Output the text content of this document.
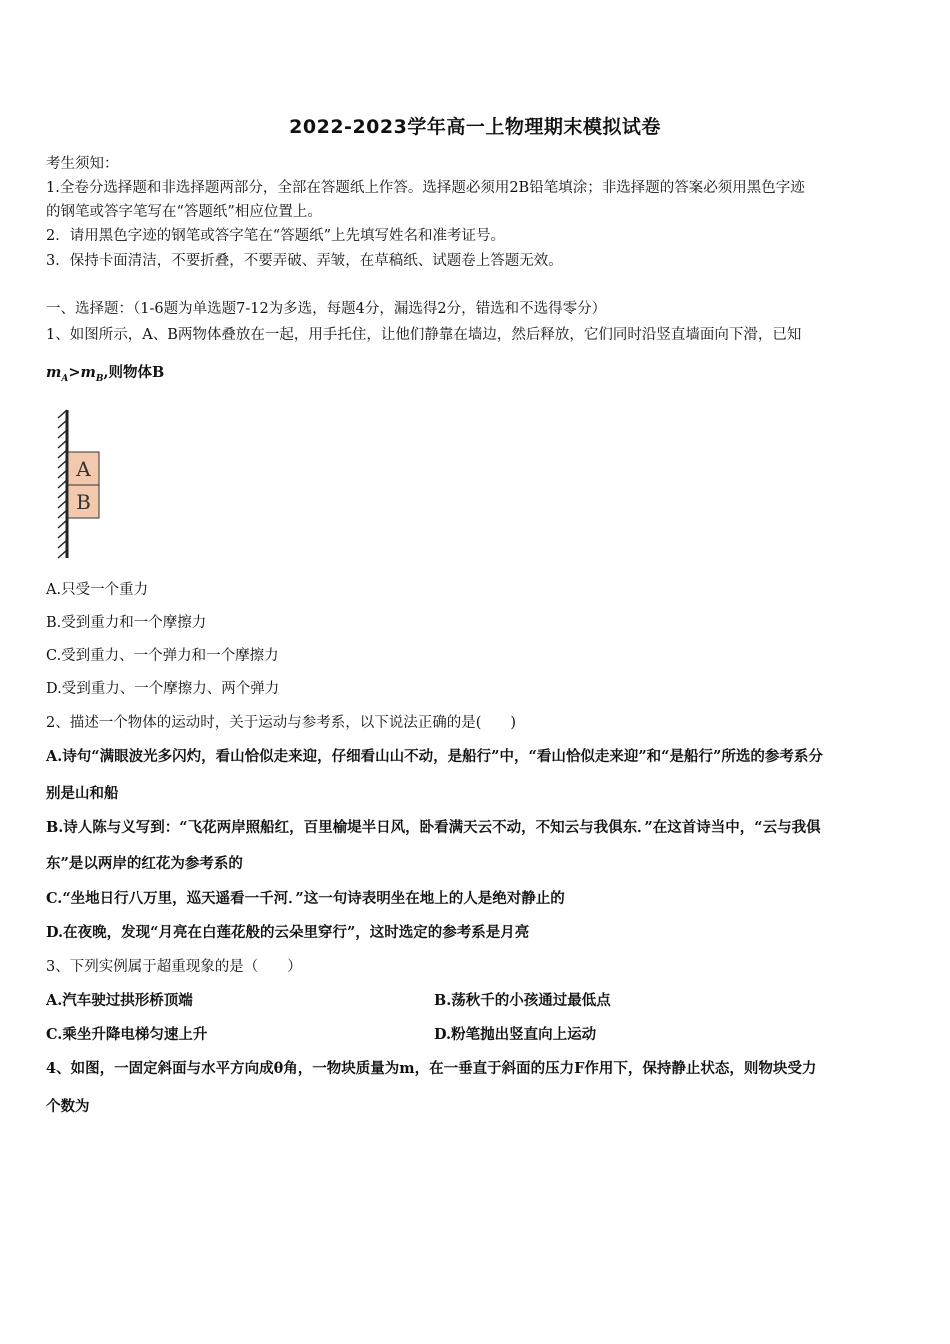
2022-2023学年高一上物理期末模拟试卷
考生须知：
1.全卷分选择题和非选择题两部分，全部在答题纸上作答。选择题必须用2B铅笔填涂；非选择题的答案必须用黑色字迹
的钢笔或答字笔写在“答题纸”相应位置上。
2．请用黑色字迹的钢笔或答字笔在“答题纸”上先填写姓名和准考证号。
3．保持卡面清洁，不要折叠，不要弄破、弄皱，在草稿纸、试题卷上答题无效。
一、选择题：（1-6题为单选题7-12为多选，每题4分，漏选得2分，错选和不选得零分）
1、如图所示，A、B两物体叠放在一起，用手托住，让他们静靠在墙边，然后释放，它们同时沿竖直墙面向下滑，已知
$m_A>m_B$,则物体B
A
B
A.只受一个重力
B.受到重力和一个摩擦力
C.受到重力、一个弹力和一个摩擦力
D.受到重力、一个摩擦力、两个弹力
2、描述一个物体的运动时，关于运动与参考系，以下说法正确的是(　　)
A.诗句“满眼波光多闪灼，看山恰似走来迎，仔细看山山不动，是船行”中，“看山恰似走来迎”和“是船行”所选的参考系分
别是山和船
B.诗人陈与义写到：“飞花两岸照船红，百里榆堤半日风，卧看满天云不动，不知云与我俱东．”在这首诗当中，“云与我俱
东”是以两岸的红花为参考系的
C.“坐地日行八万里，巡天遥看一千河．”这一句诗表明坐在地上的人是绝对静止的
D.在夜晚，发现“月亮在白莲花般的云朵里穿行”，这时选定的参考系是月亮
3、下列实例属于超重现象的是（　　）
A.汽车驶过拱形桥顶端	B.荡秋千的小孩通过最低点
C.乘坐升降电梯匀速上升	D.粉笔抛出竖直向上运动
4、如图，一固定斜面与水平方向成θ角，一物块质量为m，在一垂直于斜面的压力F作用下，保持静止状态，则物块受力
个数为
